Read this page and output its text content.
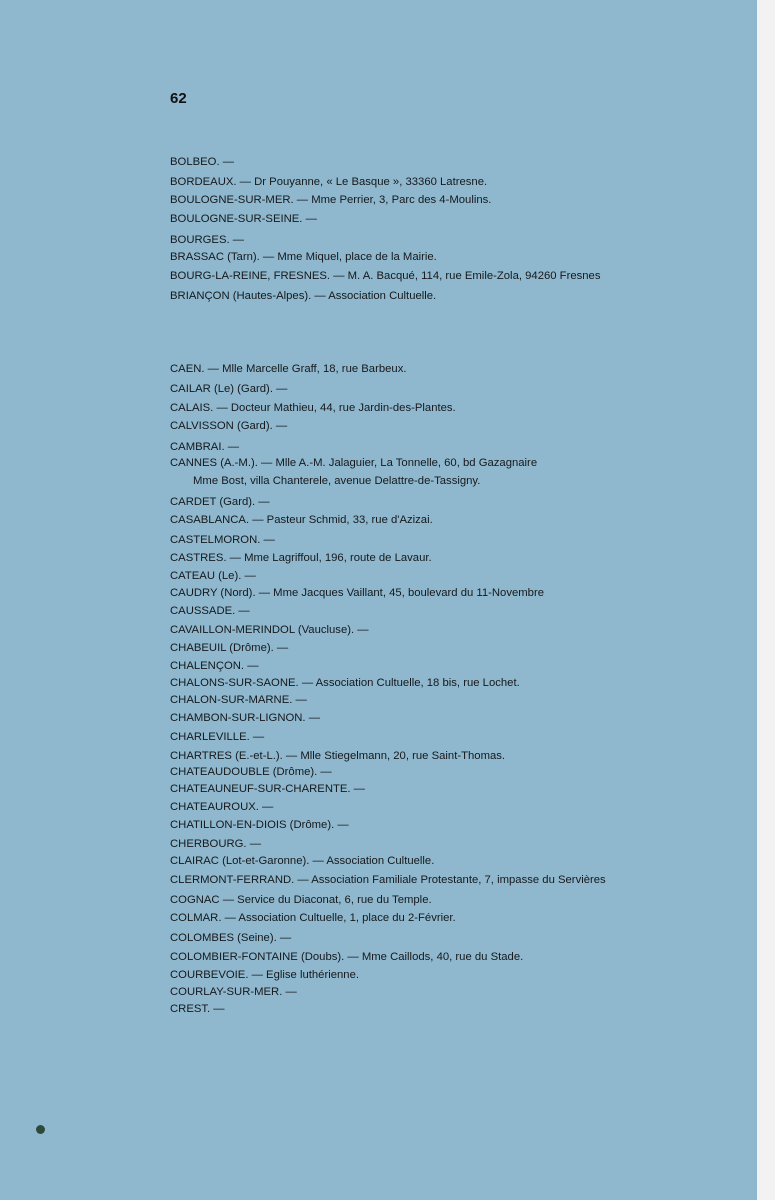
62
BOLBEO. —
BORDEAUX. — Dr Pouyanne, « Le Basque », 33360 Latresne.
BOULOGNE-SUR-MER. — Mme Perrier, 3, Parc des 4-Moulins.
BOULOGNE-SUR-SEINE. —
BOURGES. —
BRASSAC (Tarn). — Mme Miquel, place de la Mairie.
BOURG-LA-REINE, FRESNES. — M. A. Bacqué, 114, rue Emile-Zola, 94260 Fresnes
BRIANÇON (Hautes-Alpes). — Association Cultuelle.
CAEN. — Mlle Marcelle Graff, 18, rue Barbeux.
CAILAR (Le) (Gard). —
CALAIS. — Docteur Mathieu, 44, rue Jardin-des-Plantes.
CALVISSON (Gard). —
CAMBRAI. —
CANNES (A.-M.). — Mlle A.-M. Jalaguier, La Tonnelle, 60, bd Gazagnaire
Mme Bost, villa Chanterele, avenue Delattre-de-Tassigny.
CARDET (Gard). —
CASABLANCA. — Pasteur Schmid, 33, rue d'Azizai.
CASTELMORON. —
CASTRES. — Mme Lagriffoul, 196, route de Lavaur.
CATEAU (Le). —
CAUDRY (Nord). — Mme Jacques Vaillant, 45, boulevard du 11-Novembre
CAUSSADE. —
CAVAILLON-MERINDOL (Vaucluse). —
CHABEUIL (Drôme). —
CHALENÇON. —
CHALONS-SUR-SAONE. — Association Cultuelle, 18 bis, rue Lochet.
CHALON-SUR-MARNE. —
CHAMBON-SUR-LIGNON. —
CHARLEVILLE. —
CHARTRES (E.-et-L.). — Mlle Stiegelmann, 20, rue Saint-Thomas.
CHATEAUDOUBLE (Drôme). —
CHATEAUNEUF-SUR-CHARENTE. —
CHATEAUROUX. —
CHATILLON-EN-DIOIS (Drôme). —
CHERBOURG. —
CLAIRAC (Lot-et-Garonne). — Association Cultuelle.
CLERMONT-FERRAND. — Association Familiale Protestante, 7, impasse du Servières
COGNAC — Service du Diaconat, 6, rue du Temple.
COLMAR. — Association Cultuelle, 1, place du 2-Février.
COLOMBES (Seine). —
COLOMBIER-FONTAINE (Doubs). — Mme Caillods, 40, rue du Stade.
COURBEVOIE. — Eglise luthérienne.
COURLAY-SUR-MER. —
CREST. —
